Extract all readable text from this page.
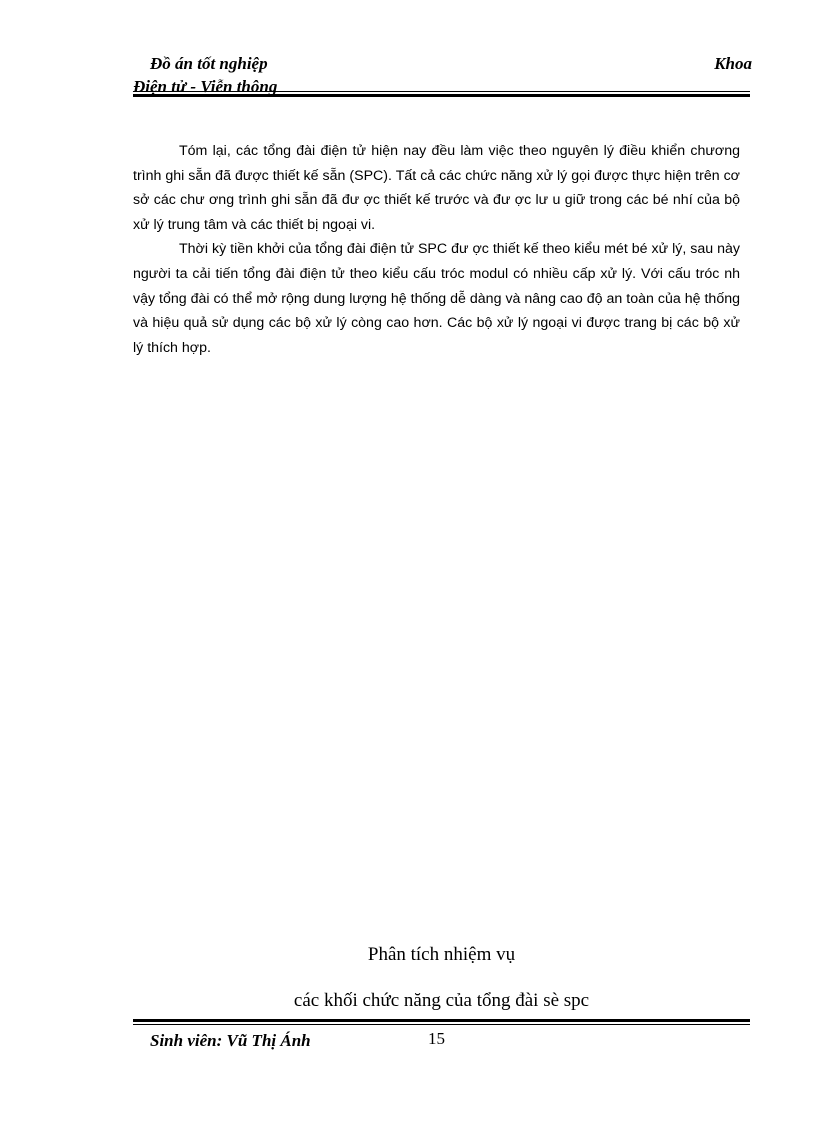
Đồ án tốt nghiệp	Khoa
Điện tử - Viễn thông

Tóm lại, các tổng đài điện tử hiện nay đều làm việc theo nguyên lý điều khiển chương trình ghi sẵn đã được thiết kế sẵn (SPC). Tất cả các chức năng xử lý gọi được thực hiện trên cơ sở các chư ơng trình ghi sẵn đã đư ợc thiết kế trước và đư ợc lư u giữ trong các bé nhí của bộ xử lý trung tâm và các thiết bị ngoại vi.

Thời kỳ tiền khởi của tổng đài điện tử SPC đư ợc thiết kế theo kiểu mét bé xử lý, sau này người ta cải tiến tổng đài điện tử theo kiểu cấu tróc modul có nhiều cấp xử lý. Với cấu tróc nh vậy tổng đài có thể mở rộng dung lượng hệ thống dễ dàng và nâng cao độ an toàn của hệ thống và hiệu quả sử dụng các bộ xử lý còng cao hơn. Các bộ xử lý ngoại vi được trang bị các bộ xử lý thích hợp.

Phân tích nhiệm vụ
các khối chức năng của tổng đài sè spc
Sinh viên: Vũ Thị Ánh	15
